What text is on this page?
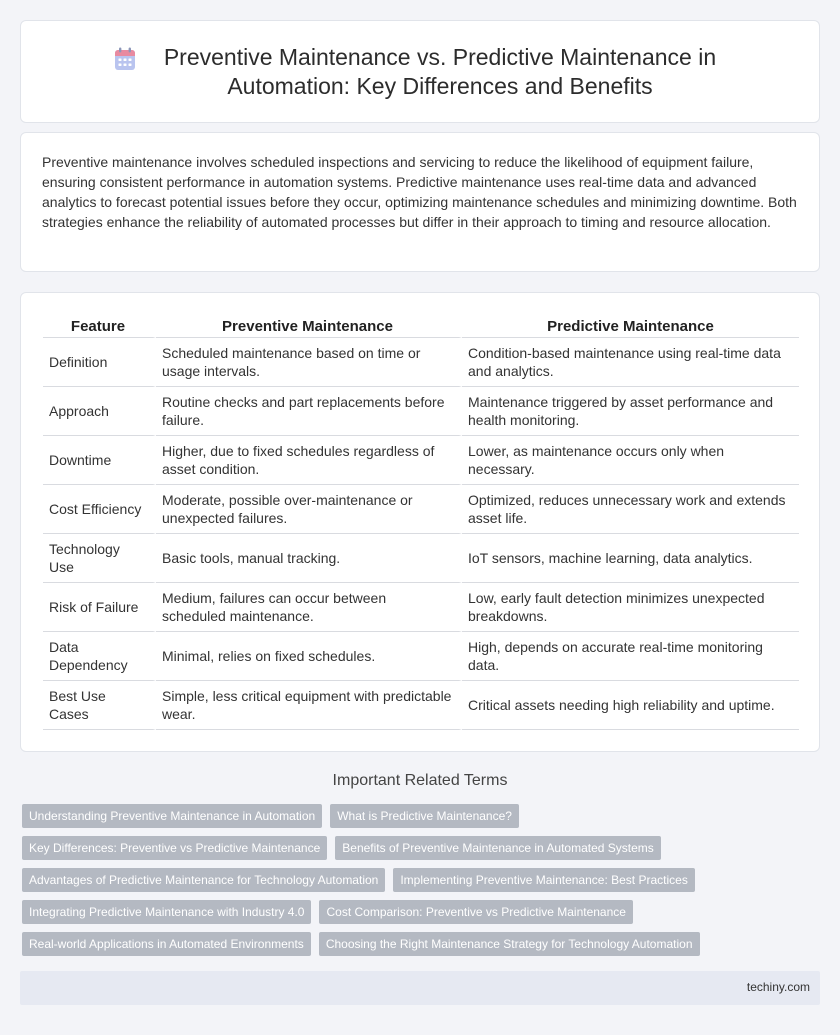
Preventive Maintenance vs. Predictive Maintenance in Automation: Key Differences and Benefits

Preventive maintenance involves scheduled inspections and servicing to reduce the likelihood of equipment failure, ensuring consistent performance in automation systems. Predictive maintenance uses real-time data and advanced analytics to forecast potential issues before they occur, optimizing maintenance schedules and minimizing downtime. Both strategies enhance the reliability of automated processes but differ in their approach to timing and resource allocation.

Feature	Preventive Maintenance	Predictive Maintenance
Definition	Scheduled maintenance based on time or usage intervals.	Condition-based maintenance using real-time data and analytics.
Approach	Routine checks and part replacements before failure.	Maintenance triggered by asset performance and health monitoring.
Downtime	Higher, due to fixed schedules regardless of asset condition.	Lower, as maintenance occurs only when necessary.
Cost Efficiency	Moderate, possible over-maintenance or unexpected failures.	Optimized, reduces unnecessary work and extends asset life.
Technology Use	Basic tools, manual tracking.	IoT sensors, machine learning, data analytics.
Risk of Failure	Medium, failures can occur between scheduled maintenance.	Low, early fault detection minimizes unexpected breakdowns.
Data Dependency	Minimal, relies on fixed schedules.	High, depends on accurate real-time monitoring data.
Best Use Cases	Simple, less critical equipment with predictable wear.	Critical assets needing high reliability and uptime.
Important Related Terms
Understanding Preventive Maintenance in Automation	What is Predictive Maintenance?
Key Differences: Preventive vs Predictive Maintenance	Benefits of Preventive Maintenance in Automated Systems
Advantages of Predictive Maintenance for Technology Automation	Implementing Preventive Maintenance: Best Practices
Integrating Predictive Maintenance with Industry 4.0	Cost Comparison: Preventive vs Predictive Maintenance
Real-world Applications in Automated Environments	Choosing the Right Maintenance Strategy for Technology Automation
techiny.com
